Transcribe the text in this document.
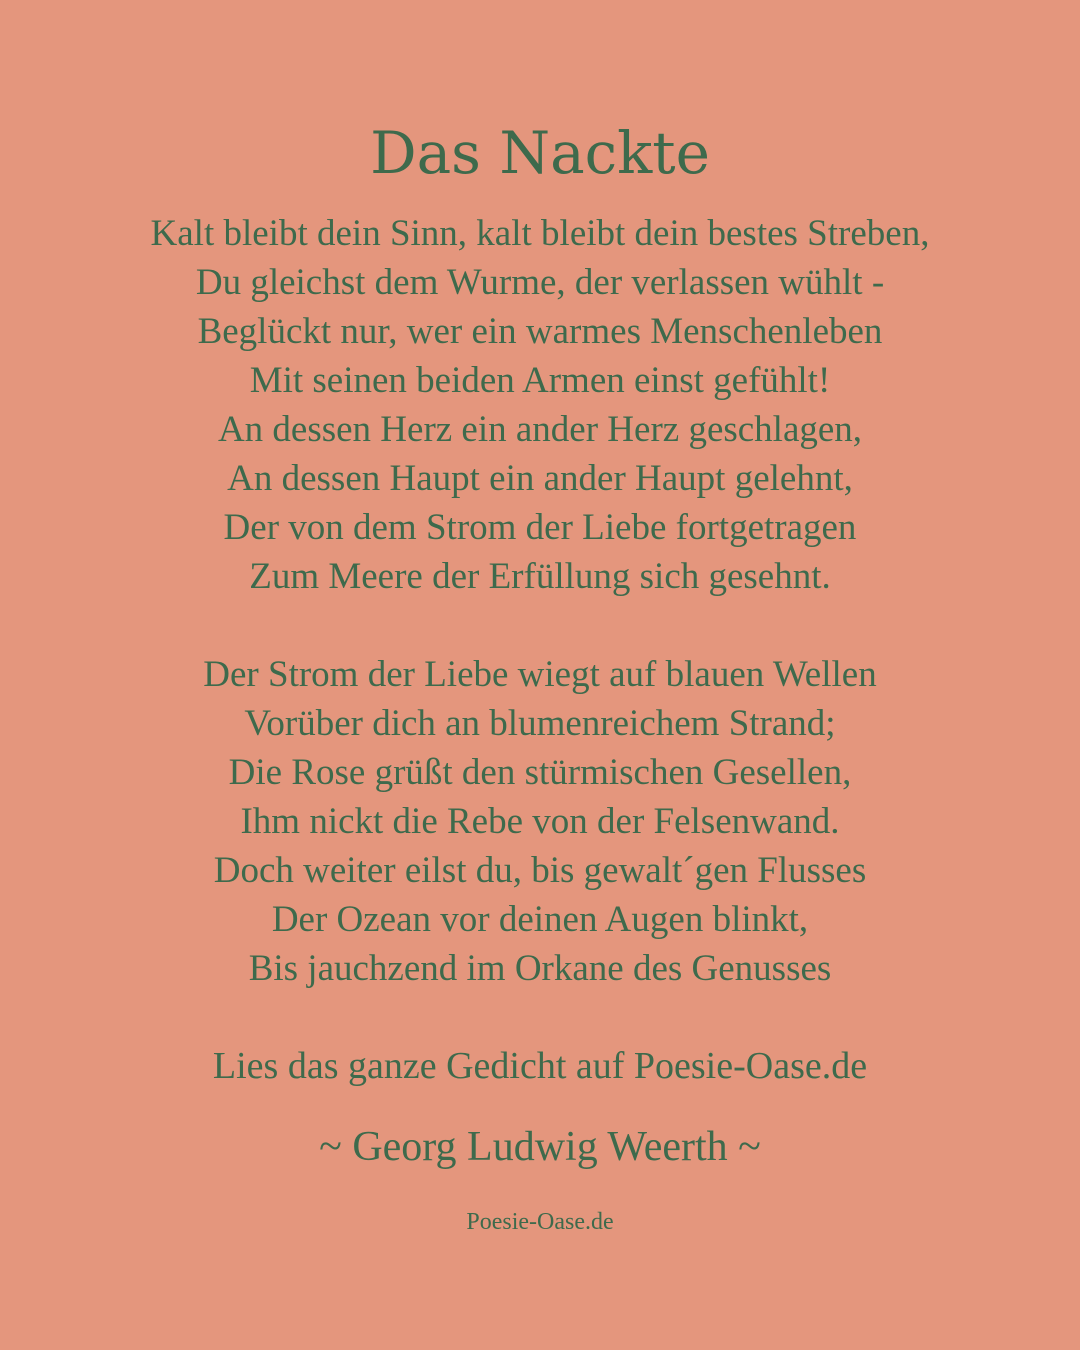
Das Nackte
Kalt bleibt dein Sinn, kalt bleibt dein bestes Streben,
Du gleichst dem Wurme, der verlassen wühlt -
Beglückt nur, wer ein warmes Menschenleben
Mit seinen beiden Armen einst gefühlt!
An dessen Herz ein ander Herz geschlagen,
An dessen Haupt ein ander Haupt gelehnt,
Der von dem Strom der Liebe fortgetragen
Zum Meere der Erfüllung sich gesehnt.
Der Strom der Liebe wiegt auf blauen Wellen
Vorüber dich an blumenreichem Strand;
Die Rose grüßt den stürmischen Gesellen,
Ihm nickt die Rebe von der Felsenwand.
Doch weiter eilst du, bis gewalt´gen Flusses
Der Ozean vor deinen Augen blinkt,
Bis jauchzend im Orkane des Genusses
Lies das ganze Gedicht auf Poesie-Oase.de
~ Georg Ludwig Weerth ~
Poesie-Oase.de
